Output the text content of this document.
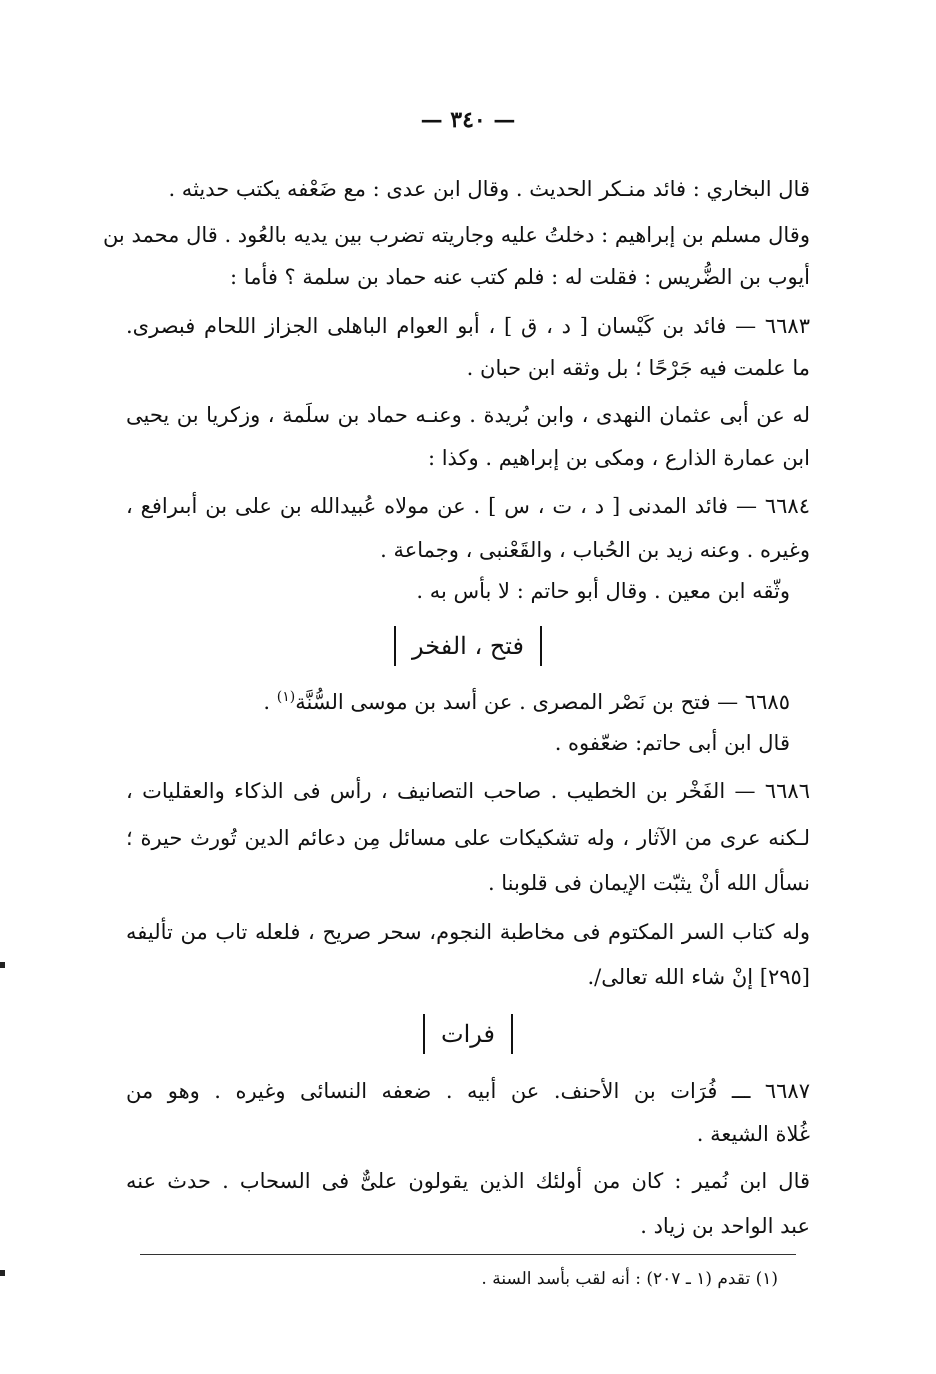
— ٣٤٠ —
قال البخاري : فائد منـكر الحديث . وقال ابن عدى : مع ضَعْفه يكتب حديثه .
وقال مسلم بن إبراهيم : دخلتُ عليه وجاريته تضرب بين يديه بالعُود . قال محمد بن
أيوب بن الضُّريس : فقلت له : فلم كتب عنه حماد بن سلمة ؟ فأما :
٦٦٨٣ — فائد بن كَيْسان [ د ، ق ] ، أبو العوام الباهلى الجزاز اللحام فبصرى.
ما علمت فيه جَرْحًا ؛ بل وثقه ابن حبان .
له عن أبى عثمان النهدى ، وابن بُريدة . وعنـه حماد بن سلَمة ، وزكريا بن يحيى
ابن عمارة الذارع ، ومكى بن إبراهيم . وكذا :
٦٦٨٤ — فائد المدنى [ د ، ت ، س ] . عن مولاه عُبيدالله بن على بن أبىرافع ،
وغيره . وعنه زيد بن الحُباب ، والقَعْنبى ، وجماعة .
وثّقه ابن معين . وقال أبو حاتم : لا بأس به .
فتح ، الفخر
٦٦٨٥ — فتح بن نَصْر المصرى . عن أسد بن موسى السُّنَّة$^{(١)}$ .
قال ابن أبى حاتم: ضعّفوه .
٦٦٨٦ — الفَخْر بن الخطيب . صاحب التصانيف ، رأس فى الذكاء والعقليات ،
لـكنه عرى من الآثار ، وله تشكيكات على مسائل مِن دعائم الدين تُورث حيرة ؛
نسأل الله أنْ يثبّت الإيمان فى قلوبنا .
وله كتاب السر المكتوم فى مخاطبة النجوم، سحر صريح ، فلعله تاب من تأليفه
[٢٩٥] إنْ شاء الله تعالى/.
فرات
٦٦٨٧ ـــ فُرَات بن الأحنف. عن أبيه . ضعفه النسائى وغيره . وهو من
غُلاة الشيعة .
قال ابن نُمير : كان من أولئك الذين يقولون علىٌّ فى السحاب . حدث عنه
عبد الواحد بن زياد .
(١) تقدم (١ ـ ٢٠٧) : أنه لقب بأسد السنة .
